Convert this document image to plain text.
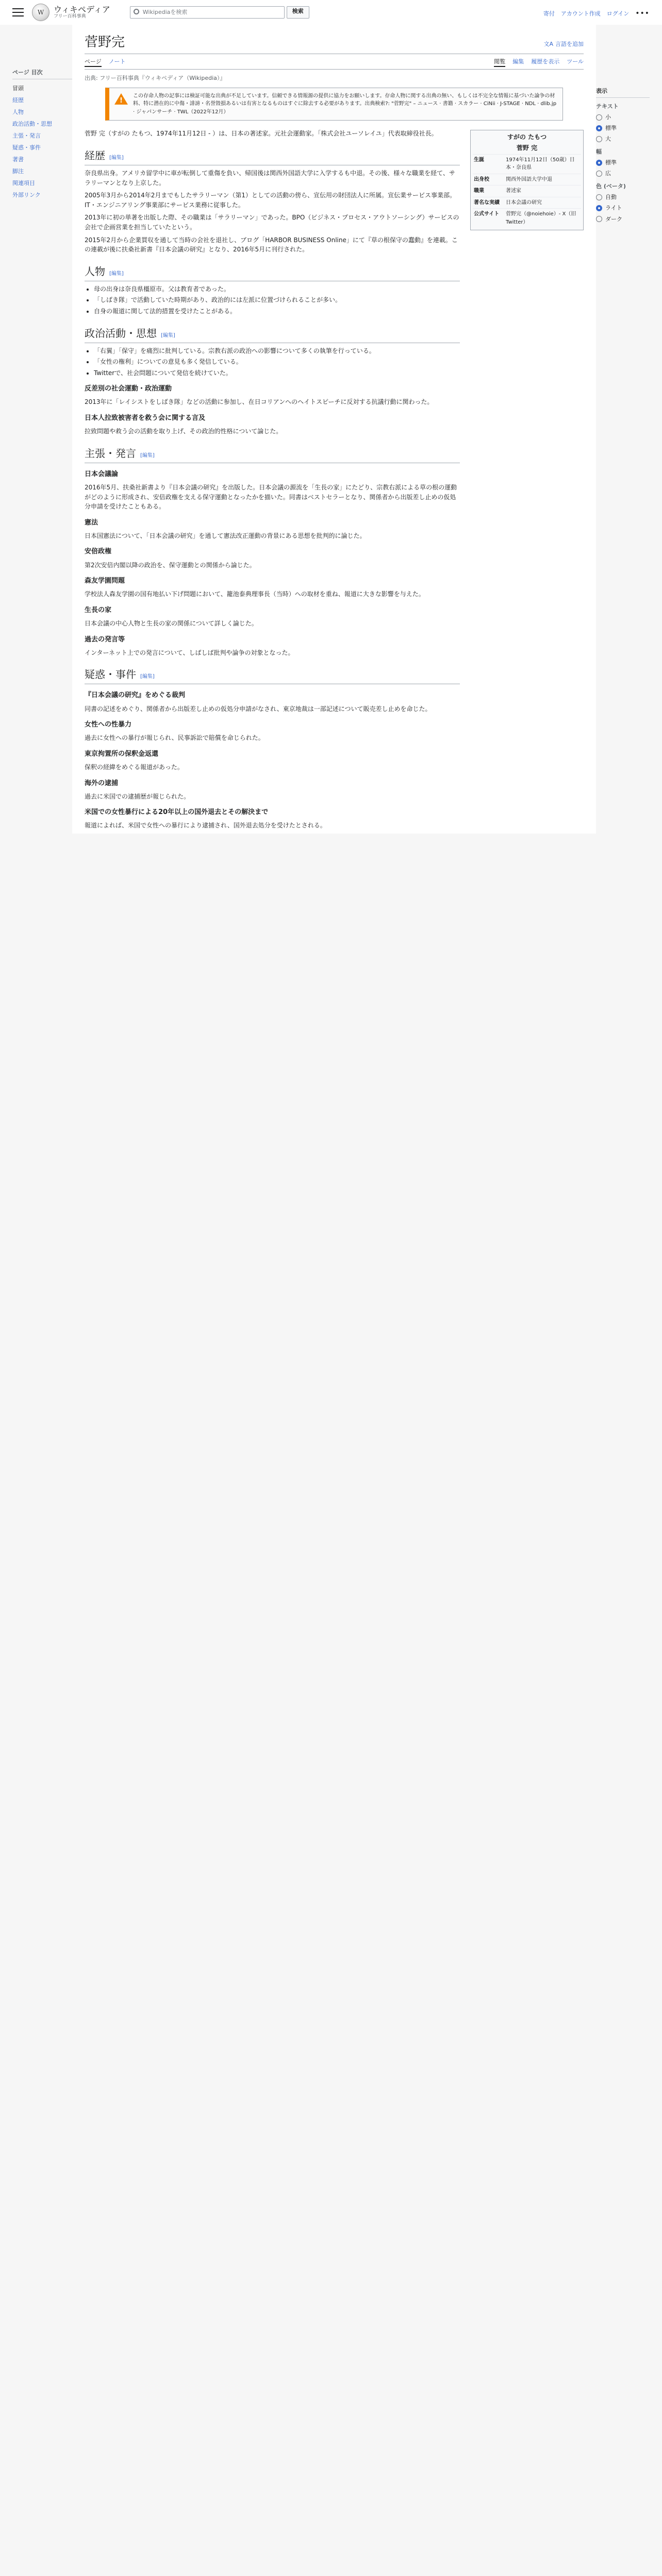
W	ウィキペディア
フリー百科事典
Wikipediaを検索	検索	寄付 アカウント作成 ログイン •••
ページ 目次
冒頭
経歴
人物
政治活動・思想
主張・発言
疑惑・事件
著書
脚注
関連項目
外部リンク
菅野完	文A 言語を追加
ページ ノート	閲覧 編集 履歴を表示 ツール
出典: フリー百科事典『ウィキペディア（Wikipedia）』
!
この存命人物の記事には検証可能な出典が不足しています。信頼できる情報源の提供に協力をお願いします。存命人物に関する出典の無い、もしくは不完全な情報に基づいた論争の材料、特に潜在的に中傷・誹謗・名誉毀損あるいは有害となるものはすぐに除去する必要があります。出典検索?: "菅野完" – ニュース · 書籍 · スカラー · CiNii · J-STAGE · NDL · dlib.jp · ジャパンサーチ · TWL（2022年12月）

菅野 完（すがの たもつ、1974年11月12日 - ）は、日本の著述家。元社会運動家。「株式会社ユーソレイユ」代表取締役社長。

経歴 [編集]

奈良県出身。アメリカ留学中に車が転倒して重傷を負い、帰国後は関西外国語大学に入学するも中退。その後、様々な職業を経て、サラリーマンとなり上京した。

2005年3月から2014年2月までもしたサラリーマン（第1）としての活動の傍ら、宣伝用の財団法人に所属。宣伝業サービス事業部。IT・エンジニアリング事業部にサービス業務に従事した。

2013年に初の単著を出版した際、その職業は「サラリーマン」であった。BPO（ビジネス・プロセス・アウトソーシング）サービスの会社で企画営業を担当していたという。

2015年2月から企業買収を通して当時の会社を退社し、ブログ「HARBOR BUSINESS Online」にて『草の根保守の蠢動』を連載。この連載が後に扶桑社新書『日本会議の研究』となり、2016年5月に刊行された。

人物 [編集]
• 母の出身は奈良県橿原市。父は教育者であった。
• 「しばき隊」で活動していた時期があり、政治的には左派に位置づけられることが多い。
• 自身の報道に関して法的措置を受けたことがある。
政治活動・思想 [編集]
• 「右翼」「保守」を痛烈に批判している。宗教右派の政治への影響について多くの執筆を行っている。
• 「女性の権利」についての意見も多く発信している。
• Twitterで、社会問題について発信を続けていた。
反差別の社会運動・政治運動

2013年に「レイシストをしばき隊」などの活動に参加し、在日コリアンへのヘイトスピーチに反対する抗議行動に関わった。

日本人拉致被害者を救う会に関する言及

拉致問題や救う会の活動を取り上げ、その政治的性格について論じた。

主張・発言 [編集]
日本会議論

2016年5月、扶桑社新書より『日本会議の研究』を出版した。日本会議の源流を「生長の家」にたどり、宗教右派による草の根の運動がどのように形成され、安倍政権を支える保守運動となったかを描いた。同書はベストセラーとなり、関係者から出版差し止めの仮処分申請を受けたこともある。

憲法

日本国憲法について、「日本会議の研究」を通して憲法改正運動の背景にある思想を批判的に論じた。

安倍政権

第2次安倍内閣以降の政治を、保守運動との関係から論じた。

森友学園問題

学校法人森友学園の国有地払い下げ問題において、籠池泰典理事長（当時）への取材を重ね、報道に大きな影響を与えた。

生長の家

日本会議の中心人物と生長の家の関係について詳しく論じた。

過去の発言等

インターネット上での発言について、しばしば批判や論争の対象となった。

疑惑・事件 [編集]
『日本会議の研究』をめぐる裁判

同書の記述をめぐり、関係者から出版差し止めの仮処分申請がなされ、東京地裁は一部記述について販売差し止めを命じた。

女性への性暴力

過去に女性への暴行が報じられ、民事訴訟で賠償を命じられた。

東京拘置所の保釈金返還

保釈の経緯をめぐる報道があった。

海外の逮捕

過去に米国での逮捕歴が報じられた。

米国での女性暴行による20年以上の国外退去とその解決まで

報道によれば、米国で女性への暴行により逮捕され、国外退去処分を受けたとされる。

すがの たもつ
菅野 完
生誕	1974年11月12日（50歳）日本・奈良県
出身校	関西外国語大学中退
職業	著述家
著名な実績	日本会議の研究
公式サイト	菅野完（@noiehoie）- X（旧Twitter）
表示
テキスト
小
標準
大
幅
標準
広
色 (ベータ)
自動
ライト
ダーク
